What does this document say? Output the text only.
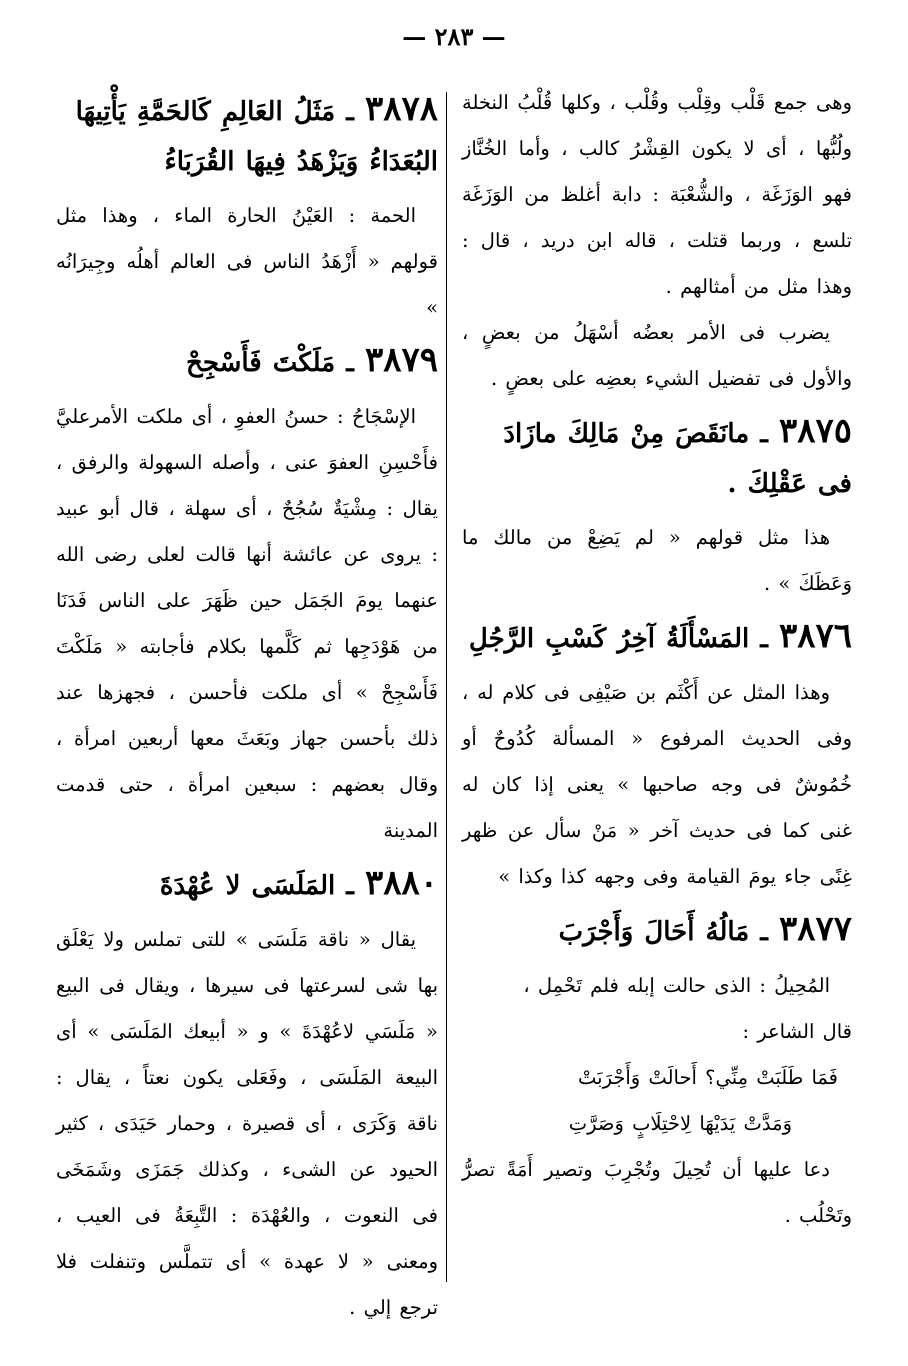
— ٢٨٣ —

وهى جمع قَلْب وقِلْب وقُلْب ، وكلها قُلْبُ النخلة ولُبُّها ، أى لا يكون القِشْرُ كالب ، وأما الخُنَّاز فهو الوَزَغَة ، والشُّعْبَة : دابة أغلظ من الوَزَغَة تلسع ، وربما قتلت ، قاله ابن دريد ، قال : وهذا مثل من أمثالهم .

يضرب فى الأمر بعضُه أسْهَلُ من بعضٍ ، والأول فى تفضيل الشيء بعضِه على بعضٍ .

٣٨٧٥ ـ مانَقَصَ مِنْ مَالِكَ مازَادَ فى عَقْلِكَ .

هذا مثل قولهم « لم يَضِعْ من مالك ما وَعَظَكَ » .

٣٨٧٦ ـ المَسْأَلَةُ آخِرُ كَسْبِ الرَّجُلِ

وهذا المثل عن أَكْثَم بن صَيْفِى فى كلام له ، وفى الحديث المرفوع « المسألة كُدُوحٌ أو خُمُوشٌ فى وجه صاحبها » يعنى إذا كان له غنى كما فى حديث آخر « مَنْ سأل عن ظهر غِنًى جاء يومَ القيامة وفى وجهه كذا وكذا »

٣٨٧٧ ـ مَالُهُ أَحَالَ وَأَجْرَبَ

المُحِيلُ : الذى حالت إبله فلم تَحْمِل ،

قال الشاعر :

فَمَا طَلَبَتْ مِنِّي؟ أَحالَتْ وَأَجْرَبَتْ

وَمَدَّتْ يَدَيْهَا لِاحْتِلَابٍ وَصَرَّتِ

دعا عليها أن تُحِيلَ وتُجْرِبَ وتصير أَمَةً تصرُّ وتَحْلُب .

٣٨٧٨ ـ مَثَلُ العَالِمِ كَالحَمَّةِ يَأْتِيهَا البُعَدَاءُ وَيَزْهَدُ فِيهَا القُرَبَاءُ

الحمة : العَيْنُ الحارة الماء ، وهذا مثل قولهم « أَزْهَدُ الناس فى العالم أهلُه وجِيرَانُه »

٣٨٧٩ ـ مَلَكْتَ فَأَسْجِحْ

الإسْجَاحُ : حسنُ العفوِ ، أى ملكت الأمرعليَّ فأَحْسِنِ العفوَ عنى ، وأصله السهولة والرفق ، يقال : مِشْيَةٌ سُجُحٌ ، أى سهلة ، قال أبو عبيد : يروى عن عائشة أنها قالت لعلى رضى الله عنهما يومَ الجَمَل حين ظَهَرَ على الناس فَدَنَا من هَوْدَجِها ثم كَلَّمها بكلام فأجابته « مَلَكْتَ فَأَسْجِحْ » أى ملكت فأحسن ، فجهزها عند ذلك بأحسن جهاز وبَعَثَ معها أربعين امرأة ، وقال بعضهم : سبعين امرأة ، حتى قدمت المدينة

٣٨٨٠ ـ المَلَسَى لا عُهْدَةَ

يقال « ناقة مَلَسَى » للتى تملس ولا يَعْلَق بها شى لسرعتها فى سيرها ، ويقال فى البيع « مَلَسَي لاعُهْدَةَ » و « أبيعك المَلَسَى » أى البيعة المَلَسَى ، وفَعَلى يكون نعتاً ، يقال : ناقة وَكَرَى ، أى قصيرة ، وحمار حَيَدَى ، كثير الحيود عن الشىء ، وكذلك جَمَزَى وشَمَخَى فى النعوت ، والعُهْدَة : التَّبِعَةُ فى العيب ، ومعنى « لا عهدة » أى تتملَّس وتنفلت فلا ترجع إلي .
